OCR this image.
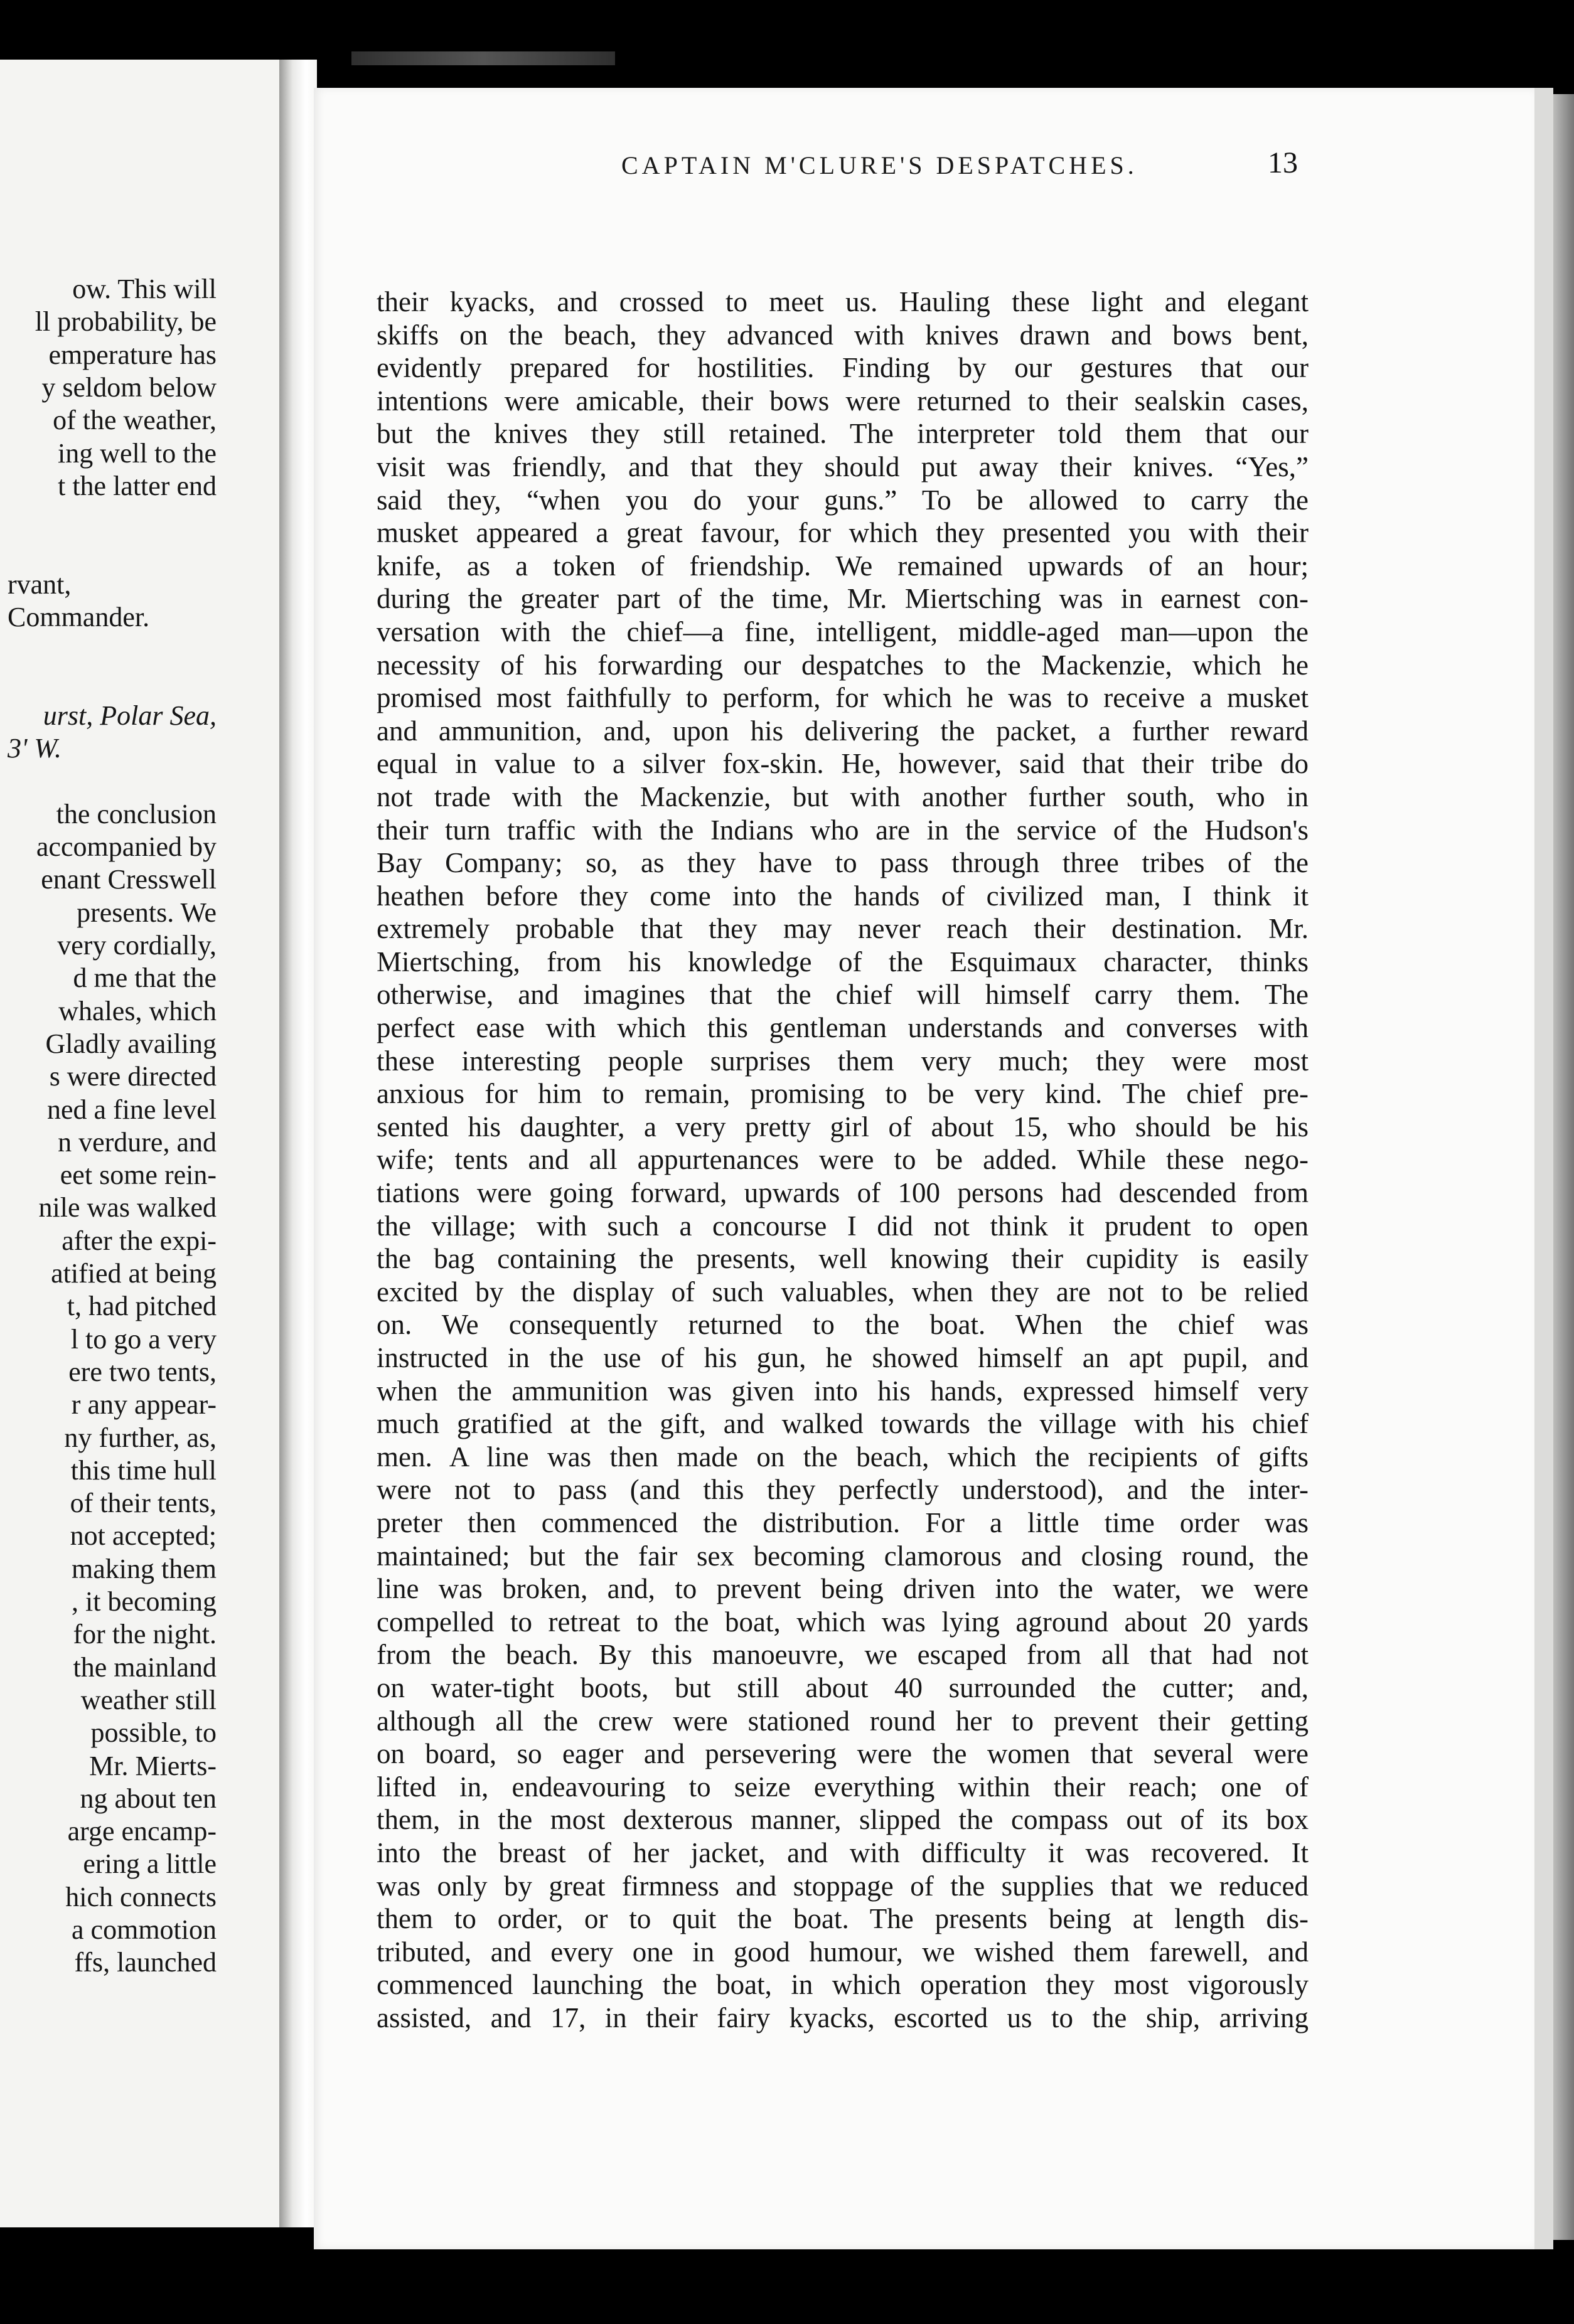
ow. This will
ll probability, be
emperature has
y seldom below
of the weather,
ing well to the
t the latter end
rvant,
Commander.
urst, Polar Sea,
3' W.
the conclusion
accompanied by
enant Cresswell
presents. We
very cordially,
d me that the
whales, which
Gladly availing
s were directed
ned a fine level
n verdure, and
eet some rein-
nile was walked
after the expi-
atified at being
t, had pitched
l to go a very
ere two tents,
r any appear-
ny further, as,
this time hull
of their tents,
not accepted;
making them
, it becoming
for the night.
the mainland
weather still
possible, to
Mr. Mierts-
ng about ten
arge encamp-
ering a little
hich connects
a commotion
ffs, launched
CAPTAIN M'CLURE'S DESPATCHES.	13
their kyacks, and crossed to meet us. Hauling these light and elegant
skiffs on the beach, they advanced with knives drawn and bows bent,
evidently prepared for hostilities. Finding by our gestures that our
intentions were amicable, their bows were returned to their sealskin cases,
but the knives they still retained. The interpreter told them that our
visit was friendly, and that they should put away their knives. “Yes,”
said they, “when you do your guns.” To be allowed to carry the
musket appeared a great favour, for which they presented you with their
knife, as a token of friendship. We remained upwards of an hour;
during the greater part of the time, Mr. Miertsching was in earnest con-
versation with the chief—a fine, intelligent, middle-aged man—upon the
necessity of his forwarding our despatches to the Mackenzie, which he
promised most faithfully to perform, for which he was to receive a musket
and ammunition, and, upon his delivering the packet, a further reward
equal in value to a silver fox-skin. He, however, said that their tribe do
not trade with the Mackenzie, but with another further south, who in
their turn traffic with the Indians who are in the service of the Hudson's
Bay Company; so, as they have to pass through three tribes of the
heathen before they come into the hands of civilized man, I think it
extremely probable that they may never reach their destination. Mr.
Miertsching, from his knowledge of the Esquimaux character, thinks
otherwise, and imagines that the chief will himself carry them. The
perfect ease with which this gentleman understands and converses with
these interesting people surprises them very much; they were most
anxious for him to remain, promising to be very kind. The chief pre-
sented his daughter, a very pretty girl of about 15, who should be his
wife; tents and all appurtenances were to be added. While these nego-
tiations were going forward, upwards of 100 persons had descended from
the village; with such a concourse I did not think it prudent to open
the bag containing the presents, well knowing their cupidity is easily
excited by the display of such valuables, when they are not to be relied
on. We consequently returned to the boat. When the chief was
instructed in the use of his gun, he showed himself an apt pupil, and
when the ammunition was given into his hands, expressed himself very
much gratified at the gift, and walked towards the village with his chief
men. A line was then made on the beach, which the recipients of gifts
were not to pass (and this they perfectly understood), and the inter-
preter then commenced the distribution. For a little time order was
maintained; but the fair sex becoming clamorous and closing round, the
line was broken, and, to prevent being driven into the water, we were
compelled to retreat to the boat, which was lying aground about 20 yards
from the beach. By this manoeuvre, we escaped from all that had not
on water-tight boots, but still about 40 surrounded the cutter; and,
although all the crew were stationed round her to prevent their getting
on board, so eager and persevering were the women that several were
lifted in, endeavouring to seize everything within their reach; one of
them, in the most dexterous manner, slipped the compass out of its box
into the breast of her jacket, and with difficulty it was recovered. It
was only by great firmness and stoppage of the supplies that we reduced
them to order, or to quit the boat. The presents being at length dis-
tributed, and every one in good humour, we wished them farewell, and
commenced launching the boat, in which operation they most vigorously
assisted, and 17, in their fairy kyacks, escorted us to the ship, arriving
